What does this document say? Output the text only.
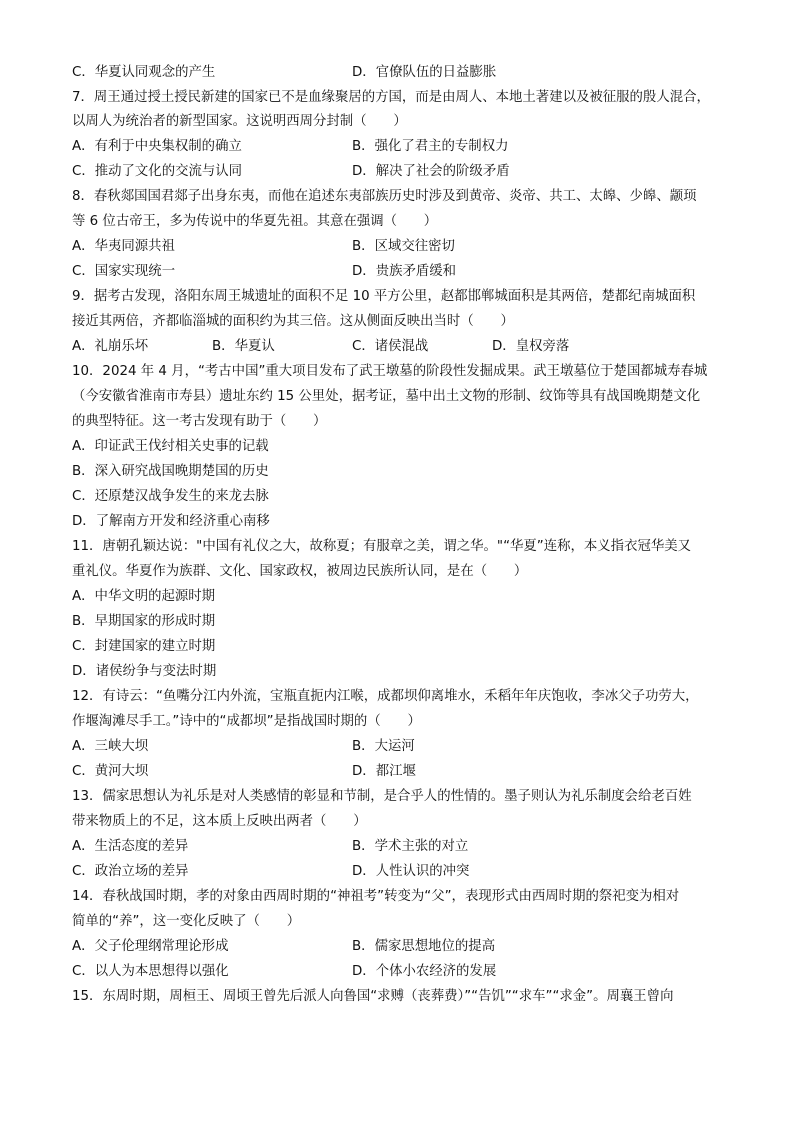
C．华夏认同观念的产生	D．官僚队伍的日益膨胀
7．周王通过授土授民新建的国家已不是血缘聚居的方国，而是由周人、本地土著建以及被征服的殷人混合，
以周人为统治者的新型国家。这说明西周分封制（　　）
A．有利于中央集权制的确立	B．强化了君主的专制权力
C．推动了文化的交流与认同	D．解决了社会的阶级矛盾
8．春秋郯国国君郯子出身东夷，而他在追述东夷部族历史时涉及到黄帝、炎帝、共工、太皞、少皞、颛顼
等 6 位古帝王，多为传说中的华夏先祖。其意在强调（　　）
A．华夷同源共祖	B．区域交往密切
C．国家实现统一	D．贵族矛盾缓和
9．据考古发现，洛阳东周王城遗址的面积不足 10 平方公里，赵都邯郸城面积是其两倍，楚都纪南城面积
接近其两倍，齐都临淄城的面积约为其三倍。这从侧面反映出当时（　　）
A．礼崩乐坏	B．华夏认	C．诸侯混战	D．皇权旁落
10．2024 年 4 月，“考古中国”重大项目发布了武王墩墓的阶段性发掘成果。武王墩墓位于楚国都城寿春城
（今安徽省淮南市寿县）遗址东约 15 公里处，据考证，墓中出土文物的形制、纹饰等具有战国晚期楚文化
的典型特征。这一考古发现有助于（　　）
A．印证武王伐纣相关史事的记载
B．深入研究战国晚期楚国的历史
C．还原楚汉战争发生的来龙去脉
D．了解南方开发和经济重心南移
11．唐朝孔颖达说："中国有礼仪之大，故称夏；有服章之美，谓之华。"“华夏”连称，本义指衣冠华美又
重礼仪。华夏作为族群、文化、国家政权，被周边民族所认同，是在（　　）
A．中华文明的起源时期
B．早期国家的形成时期
C．封建国家的建立时期
D．诸侯纷争与变法时期
12．有诗云：“鱼嘴分江内外流，宝瓶直扼内江喉，成都坝仰离堆水，禾稻年年庆饱收，李冰父子功劳大，
作堰淘滩尽手工。”诗中的“成都坝”是指战国时期的（　　）
A．三峡大坝	B．大运河
C．黄河大坝	D．都江堰
13．儒家思想认为礼乐是对人类感情的彰显和节制，是合乎人的性情的。墨子则认为礼乐制度会给老百姓
带来物质上的不足，这本质上反映出两者（　　）
A．生活态度的差异	B．学术主张的对立
C．政治立场的差异	D．人性认识的冲突
14．春秋战国时期，孝的对象由西周时期的“神祖考”转变为“父”，表现形式由西周时期的祭祀变为相对
简单的“养”，这一变化反映了（　　）
A．父子伦理纲常理论形成	B．儒家思想地位的提高
C．以人为本思想得以强化	D．个体小农经济的发展
15．东周时期，周桓王、周顷王曾先后派人向鲁国“求赙（丧葬费）”“告饥”“求车”“求金”。周襄王曾向
